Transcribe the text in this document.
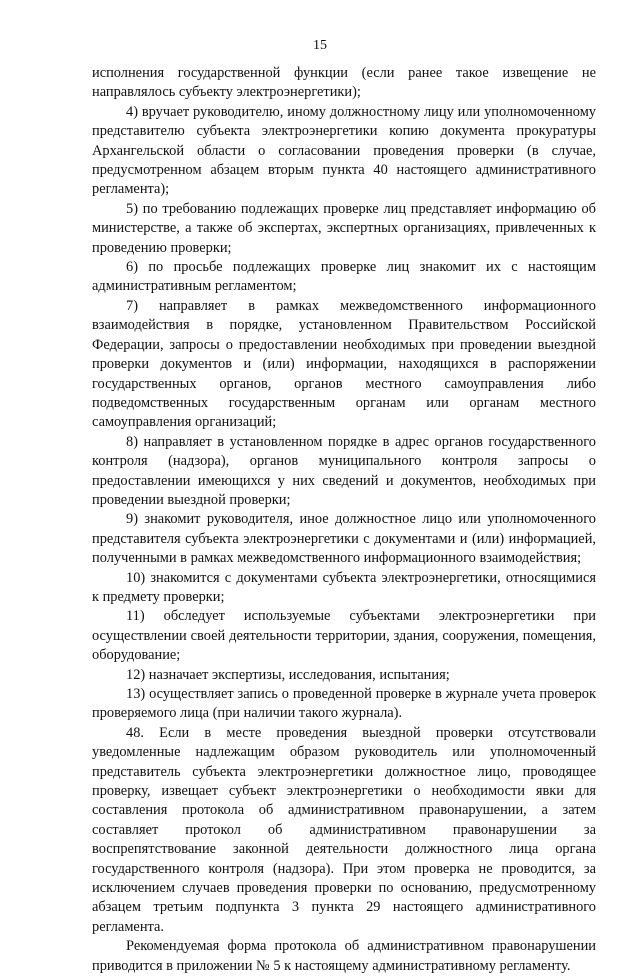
15

исполнения государственной функции (если ранее такое извещение не направлялось субъекту электроэнергетики);

4) вручает руководителю, иному должностному лицу или уполномоченному представителю субъекта электроэнергетики копию документа прокуратуры Архангельской области о согласовании проведения проверки (в случае, предусмотренном абзацем вторым пункта 40 настоящего административного регламента);

5) по требованию подлежащих проверке лиц представляет информацию об министерстве, а также об экспертах, экспертных организациях, привлеченных к проведению проверки;

6) по просьбе подлежащих проверке лиц знакомит их с настоящим административным регламентом;

7) направляет в рамках межведомственного информационного взаимодействия в порядке, установленном Правительством Российской Федерации, запросы о предоставлении необходимых при проведении выездной проверки документов и (или) информации, находящихся в распоряжении государственных органов, органов местного самоуправления либо подведомственных государственным органам или органам местного самоуправления организаций;

8) направляет в установленном порядке в адрес органов государственного контроля (надзора), органов муниципального контроля запросы о предоставлении имеющихся у них сведений и документов, необходимых при проведении выездной проверки;

9) знакомит руководителя, иное должностное лицо или уполномоченного представителя субъекта электроэнергетики с документами и (или) информацией, полученными в рамках межведомственного информационного взаимодействия;

10) знакомится с документами субъекта электроэнергетики, относящимися к предмету проверки;

11) обследует используемые субъектами электроэнергетики при осуществлении своей деятельности территории, здания, сооружения, помещения, оборудование;

12) назначает экспертизы, исследования, испытания;

13) осуществляет запись о проведенной проверке в журнале учета проверок проверяемого лица (при наличии такого журнала).

48. Если в месте проведения выездной проверки отсутствовали уведомленные надлежащим образом руководитель или уполномоченный представитель субъекта электроэнергетики должностное лицо, проводящее проверку, извещает субъект электроэнергетики о необходимости явки для составления протокола об административном правонарушении, а затем составляет протокол об административном правонарушении за воспрепятствование законной деятельности должностного лица органа государственного контроля (надзора). При этом проверка не проводится, за исключением случаев проведения проверки по основанию, предусмотренному абзацем третьим подпункта 3 пункта 29 настоящего административного регламента.

Рекомендуемая форма протокола об административном правонарушении приводится в приложении № 5 к настоящему административному регламенту.
